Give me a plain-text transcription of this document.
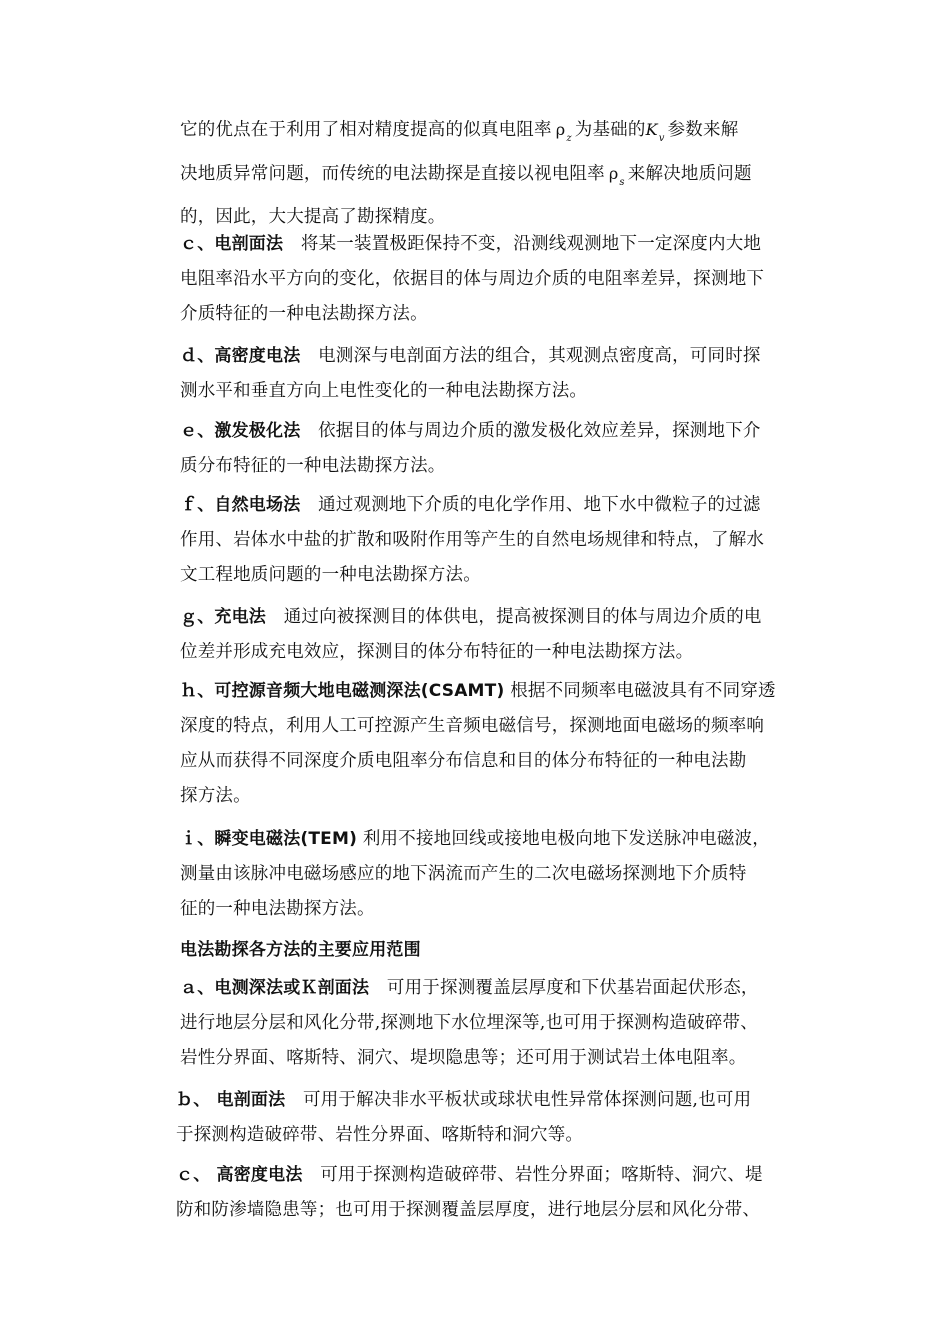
它的优点在于利用了相对精度提高的似真电阻率 $\rho_z$ 为基础的$K_v$ 参数来解
决地质异常问题，而传统的电法勘探是直接以视电阻率 $\rho_s$ 来解决地质问题
的，因此，大大提高了勘探精度。
ｃ、电剖面法　将某一装置极距保持不变，沿测线观测地下一定深度内大地
电阻率沿水平方向的变化，依据目的体与周边介质的电阻率差异，探测地下
介质特征的一种电法勘探方法。
ｄ、高密度电法　电测深与电剖面方法的组合，其观测点密度高，可同时探
测水平和垂直方向上电性变化的一种电法勘探方法。
ｅ、激发极化法　依据目的体与周边介质的激发极化效应差异，探测地下介
质分布特征的一种电法勘探方法。
ｆ、自然电场法　通过观测地下介质的电化学作用、地下水中微粒子的过滤
作用、岩体水中盐的扩散和吸附作用等产生的自然电场规律和特点，了解水
文工程地质问题的一种电法勘探方法。
ｇ、充电法　通过向被探测目的体供电，提高被探测目的体与周边介质的电
位差并形成充电效应，探测目的体分布特征的一种电法勘探方法。
ｈ、可控源音频大地电磁测深法(CSAMT) 根据不同频率电磁波具有不同穿透
深度的特点，利用人工可控源产生音频电磁信号，探测地面电磁场的频率响
应从而获得不同深度介质电阻率分布信息和目的体分布特征的一种电法勘
探方法。
ｉ、瞬变电磁法(TEM) 利用不接地回线或接地电极向地下发送脉冲电磁波，
测量由该脉冲电磁场感应的地下涡流而产生的二次电磁场探测地下介质特
征的一种电法勘探方法。
电法勘探各方法的主要应用范围
ａ、电测深法或Ｋ剖面法　可用于探测覆盖层厚度和下伏基岩面起伏形态，
进行地层分层和风化分带,探测地下水位埋深等,也可用于探测构造破碎带、
岩性分界面、喀斯特、洞穴、堤坝隐患等；还可用于测试岩土体电阻率。
ｂ、 电剖面法　可用于解决非水平板状或球状电性异常体探测问题,也可用
于探测构造破碎带、岩性分界面、喀斯特和洞穴等。
ｃ、 高密度电法　可用于探测构造破碎带、岩性分界面；喀斯特、洞穴、堤
防和防渗墙隐患等；也可用于探测覆盖层厚度，进行地层分层和风化分带、
